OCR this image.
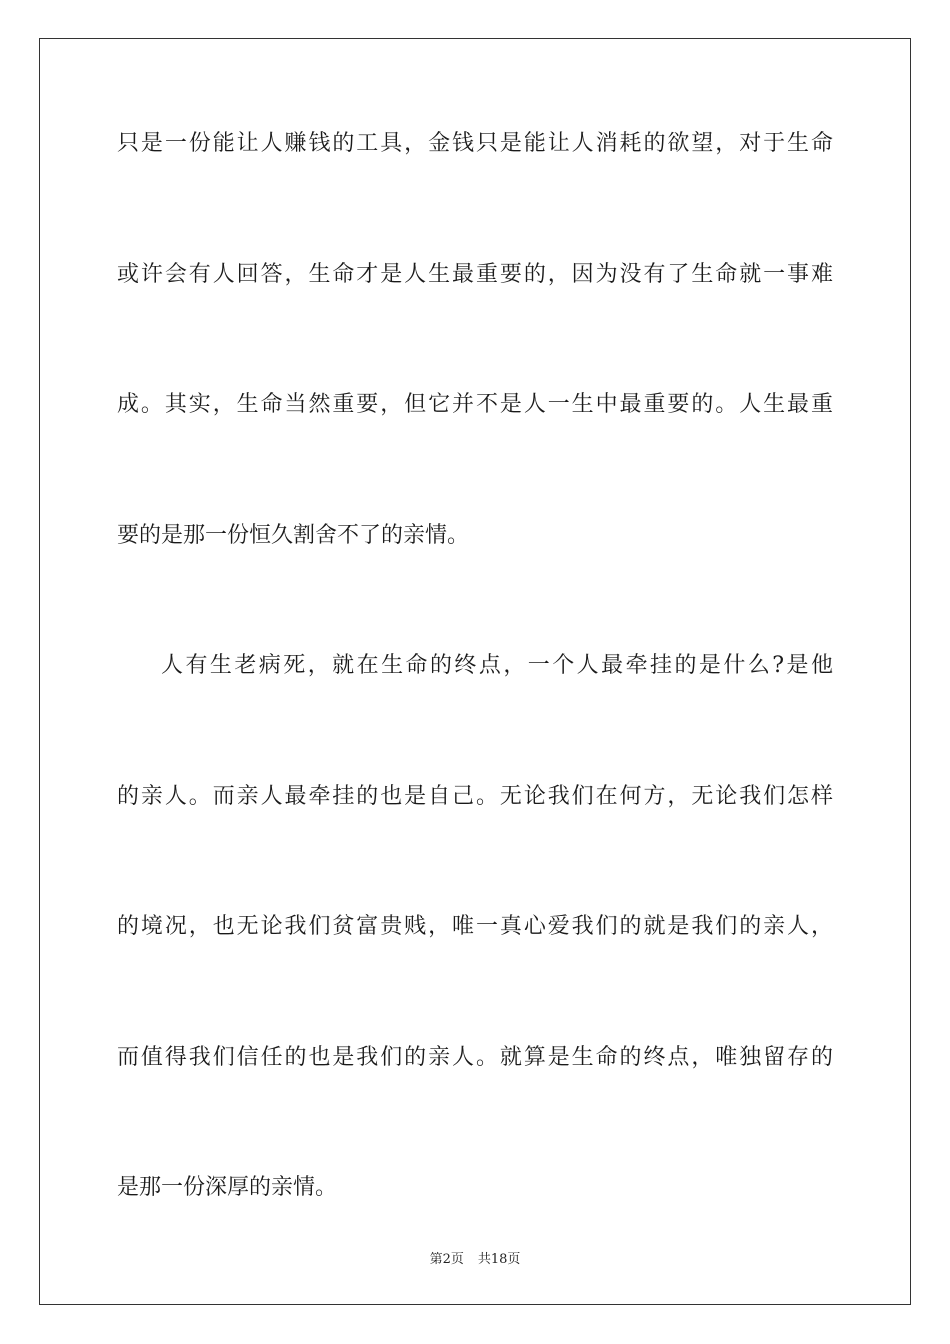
只是一份能让人赚钱的工具，金钱只是能让人消耗的欲望，对于生命
或许会有人回答，生命才是人生最重要的，因为没有了生命就一事难
成。其实，生命当然重要，但它并不是人一生中最重要的。人生最重
要的是那一份恒久割舍不了的亲情。
人有生老病死，就在生命的终点，一个人最牵挂的是什么?是他
的亲人。而亲人最牵挂的也是自己。无论我们在何方，无论我们怎样
的境况，也无论我们贫富贵贱，唯一真心爱我们的就是我们的亲人，
而值得我们信任的也是我们的亲人。就算是生命的终点，唯独留存的
是那一份深厚的亲情。
第2页 共18页
